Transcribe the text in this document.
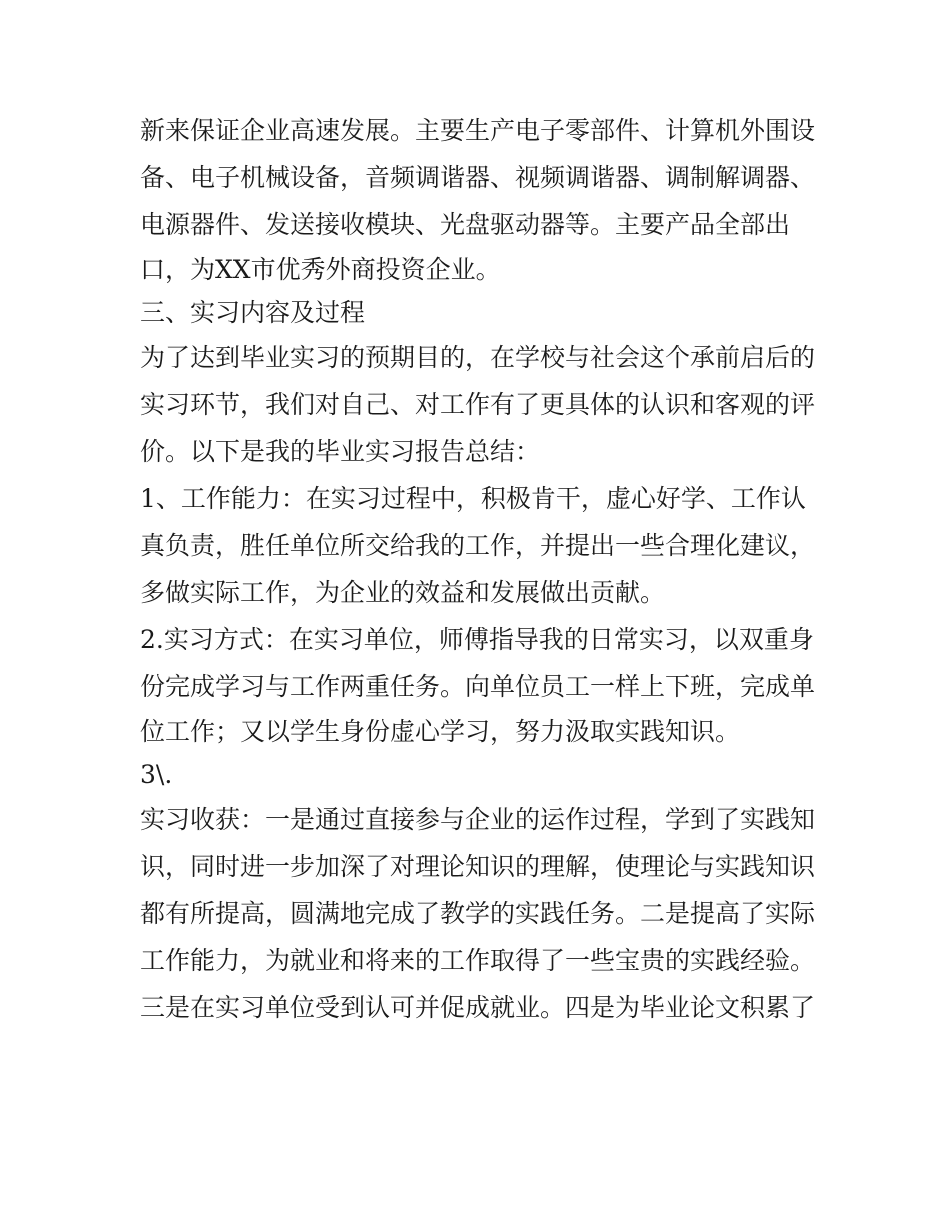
新来保证企业高速发展。主要生产电子零部件、计算机外围设
备、电子机械设备，音频调谐器、视频调谐器、调制解调器、
电源器件、发送接收模块、光盘驱动器等。主要产品全部出
口，为XX市优秀外商投资企业。
三、实习内容及过程
为了达到毕业实习的预期目的，在学校与社会这个承前启后的
实习环节，我们对自己、对工作有了更具体的认识和客观的评
价。以下是我的毕业实习报告总结：
1、工作能力：在实习过程中，积极肯干，虚心好学、工作认
真负责，胜任单位所交给我的工作，并提出一些合理化建议，
多做实际工作，为企业的效益和发展做出贡献。
2.实习方式：在实习单位，师傅指导我的日常实习，以双重身
份完成学习与工作两重任务。向单位员工一样上下班，完成单
位工作；又以学生身份虚心学习，努力汲取实践知识。
3\.
实习收获：一是通过直接参与企业的运作过程，学到了实践知
识，同时进一步加深了对理论知识的理解，使理论与实践知识
都有所提高，圆满地完成了教学的实践任务。二是提高了实际
工作能力，为就业和将来的工作取得了一些宝贵的实践经验。
三是在实习单位受到认可并促成就业。四是为毕业论文积累了
